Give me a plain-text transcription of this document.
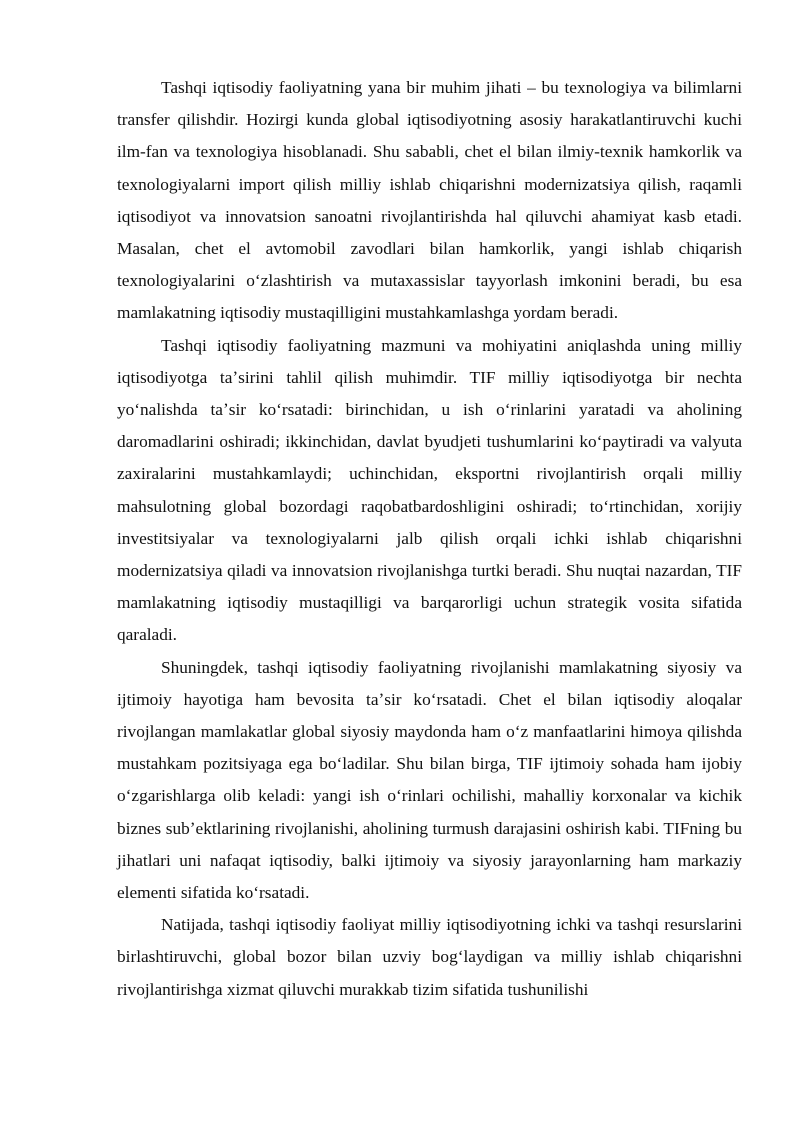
Tashqi iqtisodiy faoliyatning yana bir muhim jihati – bu texnologiya va bilimlarni transfer qilishdir. Hozirgi kunda global iqtisodiyotning asosiy harakatlantiruvchi kuchi ilm-fan va texnologiya hisoblanadi. Shu sababli, chet el bilan ilmiy-texnik hamkorlik va texnologiyalarni import qilish milliy ishlab chiqarishni modernizatsiya qilish, raqamli iqtisodiyot va innovatsion sanoatni rivojlantirishda hal qiluvchi ahamiyat kasb etadi. Masalan, chet el avtomobil zavodlari bilan hamkorlik, yangi ishlab chiqarish texnologiyalarini oʻzlashtirish va mutaxassislar tayyorlash imkonini beradi, bu esa mamlakatning iqtisodiy mustaqilligini mustahkamlashga yordam beradi.

Tashqi iqtisodiy faoliyatning mazmuni va mohiyatini aniqlashda uning milliy iqtisodiyotga taʼsirini tahlil qilish muhimdir. TIF milliy iqtisodiyotga bir nechta yoʻnalishda taʼsir koʻrsatadi: birinchidan, u ish oʻrinlarini yaratadi va aholining daromadlarini oshiradi; ikkinchidan, davlat byudjeti tushumlarini koʻpaytiradi va valyuta zaxiralarini mustahkamlaydi; uchinchidan, eksportni rivojlantirish orqali milliy mahsulotning global bozordagi raqobatbardoshligini oshiradi; toʻrtinchidan, xorijiy investitsiyalar va texnologiyalarni jalb qilish orqali ichki ishlab chiqarishni modernizatsiya qiladi va innovatsion rivojlanishga turtki beradi. Shu nuqtai nazardan, TIF mamlakatning iqtisodiy mustaqilligi va barqarorligi uchun strategik vosita sifatida qaraladi.

Shuningdek, tashqi iqtisodiy faoliyatning rivojlanishi mamlakatning siyosiy va ijtimoiy hayotiga ham bevosita taʼsir koʻrsatadi. Chet el bilan iqtisodiy aloqalar rivojlangan mamlakatlar global siyosiy maydonda ham oʻz manfaatlarini himoya qilishda mustahkam pozitsiyaga ega boʻladilar. Shu bilan birga, TIF ijtimoiy sohada ham ijobiy oʻzgarishlarga olib keladi: yangi ish oʻrinlari ochilishi, mahalliy korxonalar va kichik biznes subʼektlarining rivojlanishi, aholining turmush darajasini oshirish kabi. TIFning bu jihatlari uni nafaqat iqtisodiy, balki ijtimoiy va siyosiy jarayonlarning ham markaziy elementi sifatida koʻrsatadi.

Natijada, tashqi iqtisodiy faoliyat milliy iqtisodiyotning ichki va tashqi resurslarini birlashtiruvchi, global bozor bilan uzviy bogʻlaydigan va milliy ishlab chiqarishni rivojlantirishga xizmat qiluvchi murakkab tizim sifatida tushunilishi
